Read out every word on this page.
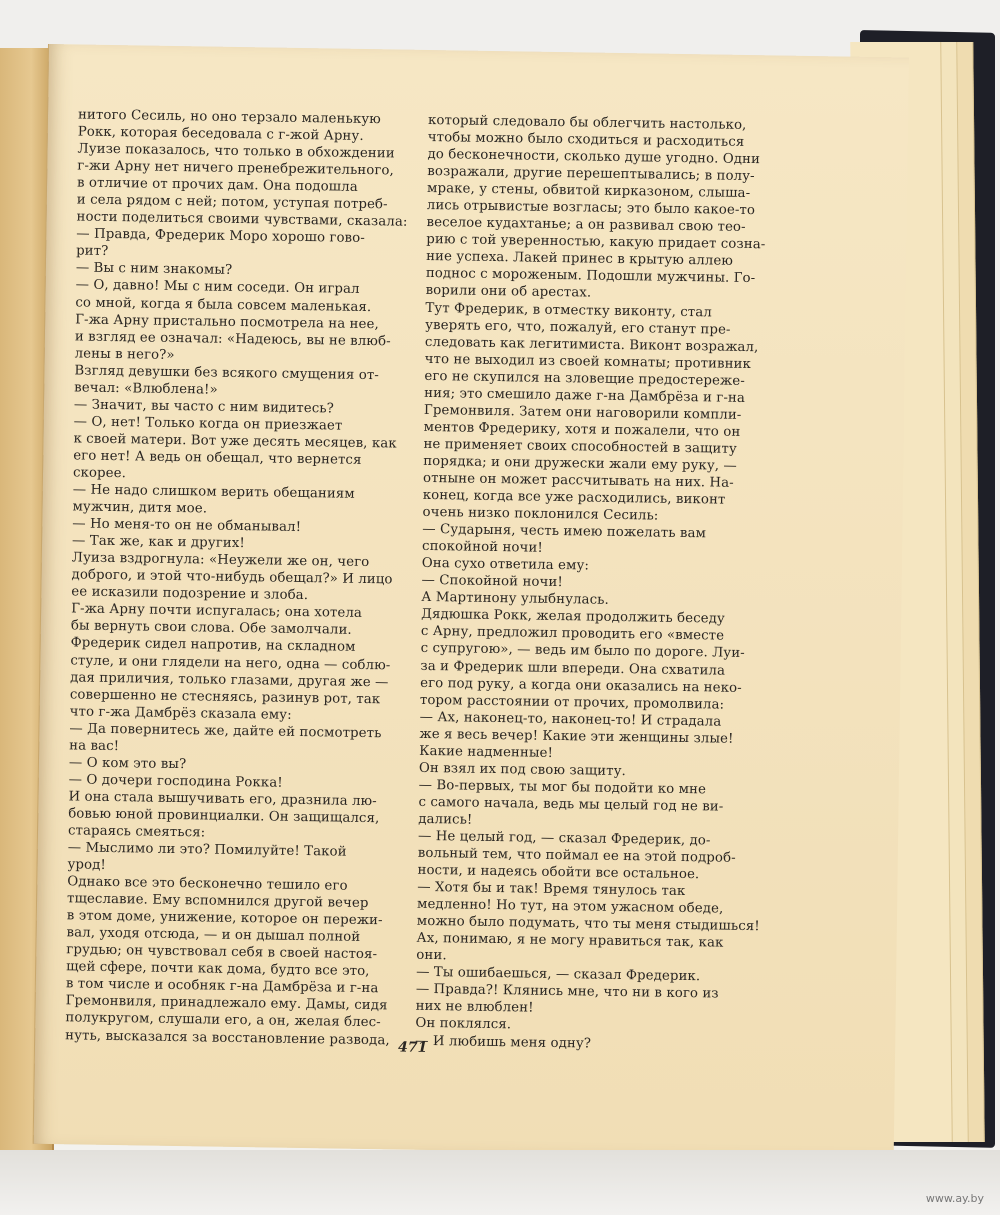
нитого Сесиль, но оно терзало маленькую

Рокк, которая беседовала с г-жой Арну.

Луизе показалось, что только в обхождении

г-жи Арну нет ничего пренебрежительного,

в отличие от прочих дам. Она подошла

и села рядом с ней; потом, уступая потреб-

ности поделиться своими чувствами, сказала:

— Правда, Фредерик Моро хорошо гово-

рит?

— Вы с ним знакомы?

— О, давно! Мы с ним соседи. Он играл

со мной, когда я была совсем маленькая.

Г-жа Арну пристально посмотрела на нее,

и взгляд ее означал: «Надеюсь, вы не влюб-

лены в него?»

Взгляд девушки без всякого смущения от-

вечал: «Влюблена!»

— Значит, вы часто с ним видитесь?

— О, нет! Только когда он приезжает

к своей матери. Вот уже десять месяцев, как

его нет! А ведь он обещал, что вернется

скорее.

— Не надо слишком верить обещаниям

мужчин, дитя мое.

— Но меня-то он не обманывал!

— Так же, как и других!

Луиза вздрогнула: «Неужели же он, чего

доброго, и этой что-нибудь обещал?» И лицо

ее исказили подозрение и злоба.

Г-жа Арну почти испугалась; она хотела

бы вернуть свои слова. Обе замолчали.

Фредерик сидел напротив, на складном

стуле, и они глядели на него, одна — соблю-

дая приличия, только глазами, другая же —

совершенно не стесняясь, разинув рот, так

что г-жа Дамбрёз сказала ему:

— Да повернитесь же, дайте ей посмотреть

на вас!

— О ком это вы?

— О дочери господина Рокка!

И она стала вышучивать его, дразнила лю-

бовью юной провинциалки. Он защищался,

стараясь смеяться:

— Мыслимо ли это? Помилуйте! Такой

урод!

Однако все это бесконечно тешило его

тщеславие. Ему вспомнился другой вечер

в этом доме, унижение, которое он пережи-

вал, уходя отсюда, — и он дышал полной

грудью; он чувствовал себя в своей настоя-

щей сфере, почти как дома, будто все это,

в том числе и особняк г-на Дамбрёза и г-на

Гремонвиля, принадлежало ему. Дамы, сидя

полукругом, слушали его, а он, желая блес-

нуть, высказался за восстановление развода,

который следовало бы облегчить настолько,

чтобы можно было сходиться и расходиться

до бесконечности, сколько душе угодно. Одни

возражали, другие перешептывались; в полу-

мраке, у стены, обвитой кирказоном, слыша-

лись отрывистые возгласы; это было какое-то

веселое кудахтанье; а он развивал свою тео-

рию с той уверенностью, какую придает созна-

ние успеха. Лакей принес в крытую аллею

поднос с мороженым. Подошли мужчины. Го-

ворили они об арестах.

Тут Фредерик, в отместку виконту, стал

уверять его, что, пожалуй, его станут пре-

следовать как легитимиста. Виконт возражал,

что не выходил из своей комнаты; противник

его не скупился на зловещие предостереже-

ния; это смешило даже г-на Дамбрёза и г-на

Гремонвиля. Затем они наговорили компли-

ментов Фредерику, хотя и пожалели, что он

не применяет своих способностей в защиту

порядка; и они дружески жали ему руку, —

отныне он может рассчитывать на них. На-

конец, когда все уже расходились, виконт

очень низко поклонился Сесиль:

— Сударыня, честь имею пожелать вам

спокойной ночи!

Она сухо ответила ему:

— Спокойной ночи!

А Мартинону улыбнулась.

Дядюшка Рокк, желая продолжить беседу

с Арну, предложил проводить его «вместе

с супругою», — ведь им было по дороге. Луи-

за и Фредерик шли впереди. Она схватила

его под руку, а когда они оказались на неко-

тором расстоянии от прочих, промолвила:

— Ах, наконец-то, наконец-то! И страдала

же я весь вечер! Какие эти женщины злые!

Какие надменные!

Он взял их под свою защиту.

— Во-первых, ты мог бы подойти ко мне

с самого начала, ведь мы целый год не ви-

дались!

— Не целый год, — сказал Фредерик, до-

вольный тем, что поймал ее на этой подроб-

ности, и надеясь обойти все остальное.

— Хотя бы и так! Время тянулось так

медленно! Но тут, на этом ужасном обеде,

можно было подумать, что ты меня стыдишься!

Ах, понимаю, я не могу нравиться так, как

они.

— Ты ошибаешься, — сказал Фредерик.

— Правда?! Клянись мне, что ни в кого из

них не влюблен!

Он поклялся.

— И любишь меня одну?

471
www.ay.by
